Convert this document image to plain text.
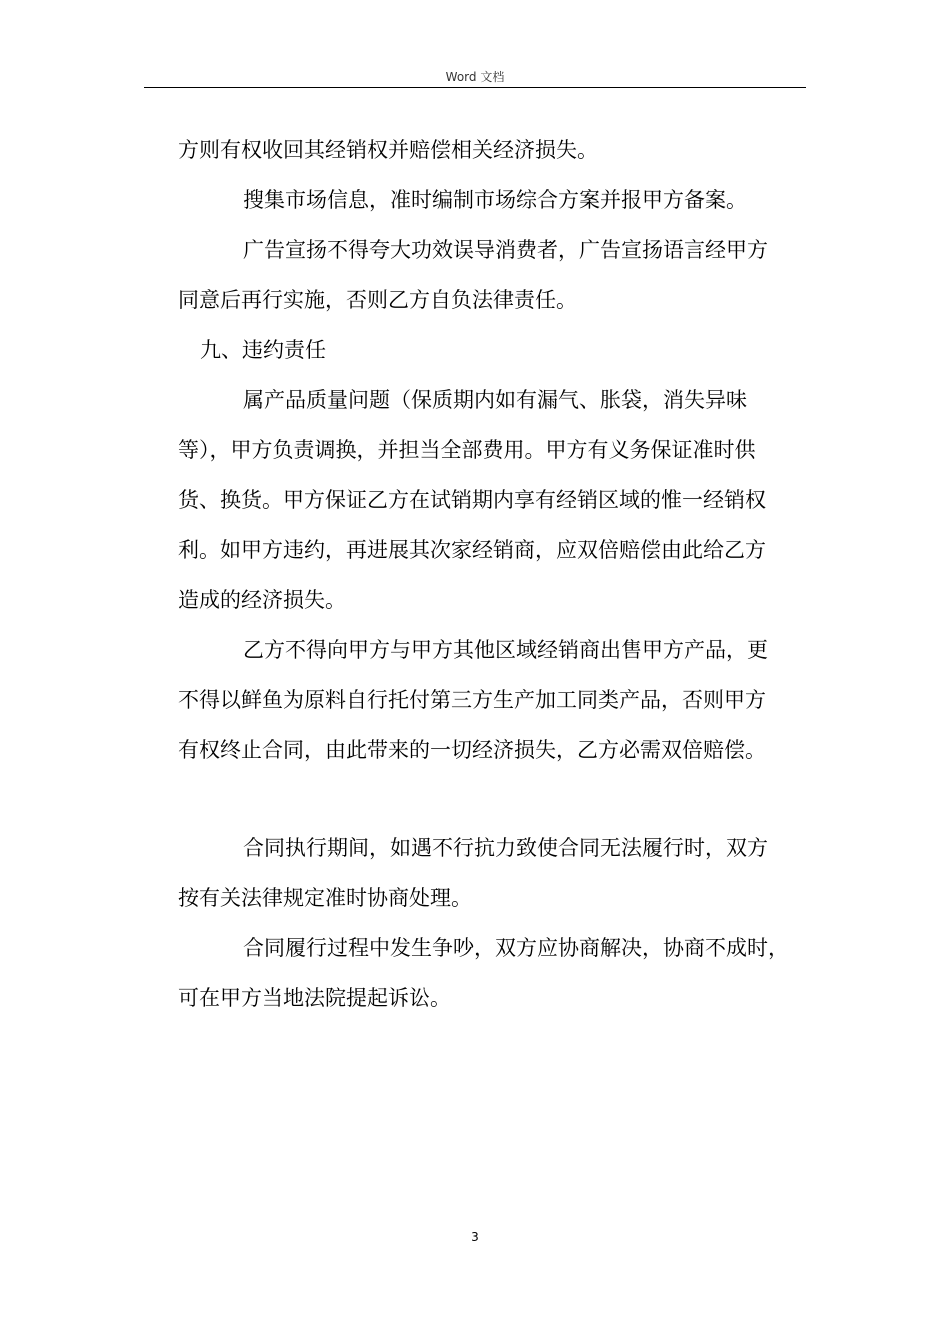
Word 文档
方则有权收回其经销权并赔偿相关经济损失。
搜集市场信息，准时编制市场综合方案并报甲方备案。
广告宣扬不得夸大功效误导消费者，广告宣扬语言经甲方
同意后再行实施，否则乙方自负法律责任。
九、违约责任
属产品质量问题（保质期内如有漏气、胀袋，消失异味
等），甲方负责调换，并担当全部费用。甲方有义务保证准时供
货、换货。甲方保证乙方在试销期内享有经销区域的惟一经销权
利。如甲方违约，再进展其次家经销商，应双倍赔偿由此给乙方
造成的经济损失。
乙方不得向甲方与甲方其他区域经销商出售甲方产品，更
不得以鲜鱼为原料自行托付第三方生产加工同类产品，否则甲方
有权终止合同，由此带来的一切经济损失，乙方必需双倍赔偿。
合同执行期间，如遇不行抗力致使合同无法履行时，双方
按有关法律规定准时协商处理。
合同履行过程中发生争吵，双方应协商解决，协商不成时，
可在甲方当地法院提起诉讼。
3
